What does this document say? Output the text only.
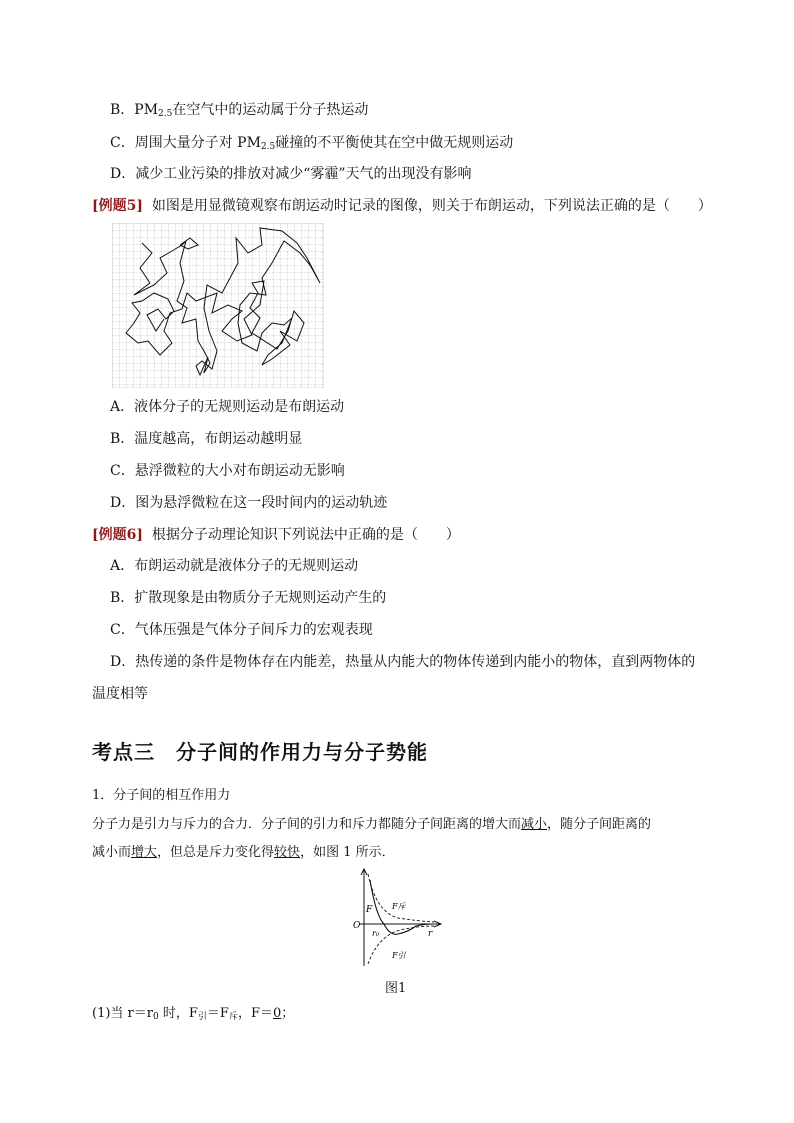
B．$PM_{2.5}$在空气中的运动属于分子热运动
C．周围大量分子对 $PM_{2.5}$碰撞的不平衡使其在空中做无规则运动
D．减少工业污染的排放对减少“雾霾”天气的出现没有影响
[例题5] 如图是用显微镜观察布朗运动时记录的图像，则关于布朗运动，下列说法正确的是（　　）
A．液体分子的无规则运动是布朗运动
B．温度越高，布朗运动越明显
C．悬浮微粒的大小对布朗运动无影响
D．图为悬浮微粒在这一段时间内的运动轨迹
[例题6] 根据分子动理论知识下列说法中正确的是（　　）
A．布朗运动就是液体分子的无规则运动
B．扩散现象是由物质分子无规则运动产生的
C．气体压强是气体分子间斥力的宏观表现
D．热传递的条件是物体存在内能差，热量从内能大的物体传递到内能小的物体，直到两物体的
温度相等
考点三　分子间的作用力与分子势能
1．分子间的相互作用力
分子力是引力与斥力的合力．分子间的引力和斥力都随分子间距离的增大而减小，随分子间距离的
减小而增大，但总是斥力变化得较快，如图 1 所示．
F
O
r₀	r
F斥
F引
图1
(1)当 $r=r_0$ 时，$F_引=F_斥$，F＝0；
